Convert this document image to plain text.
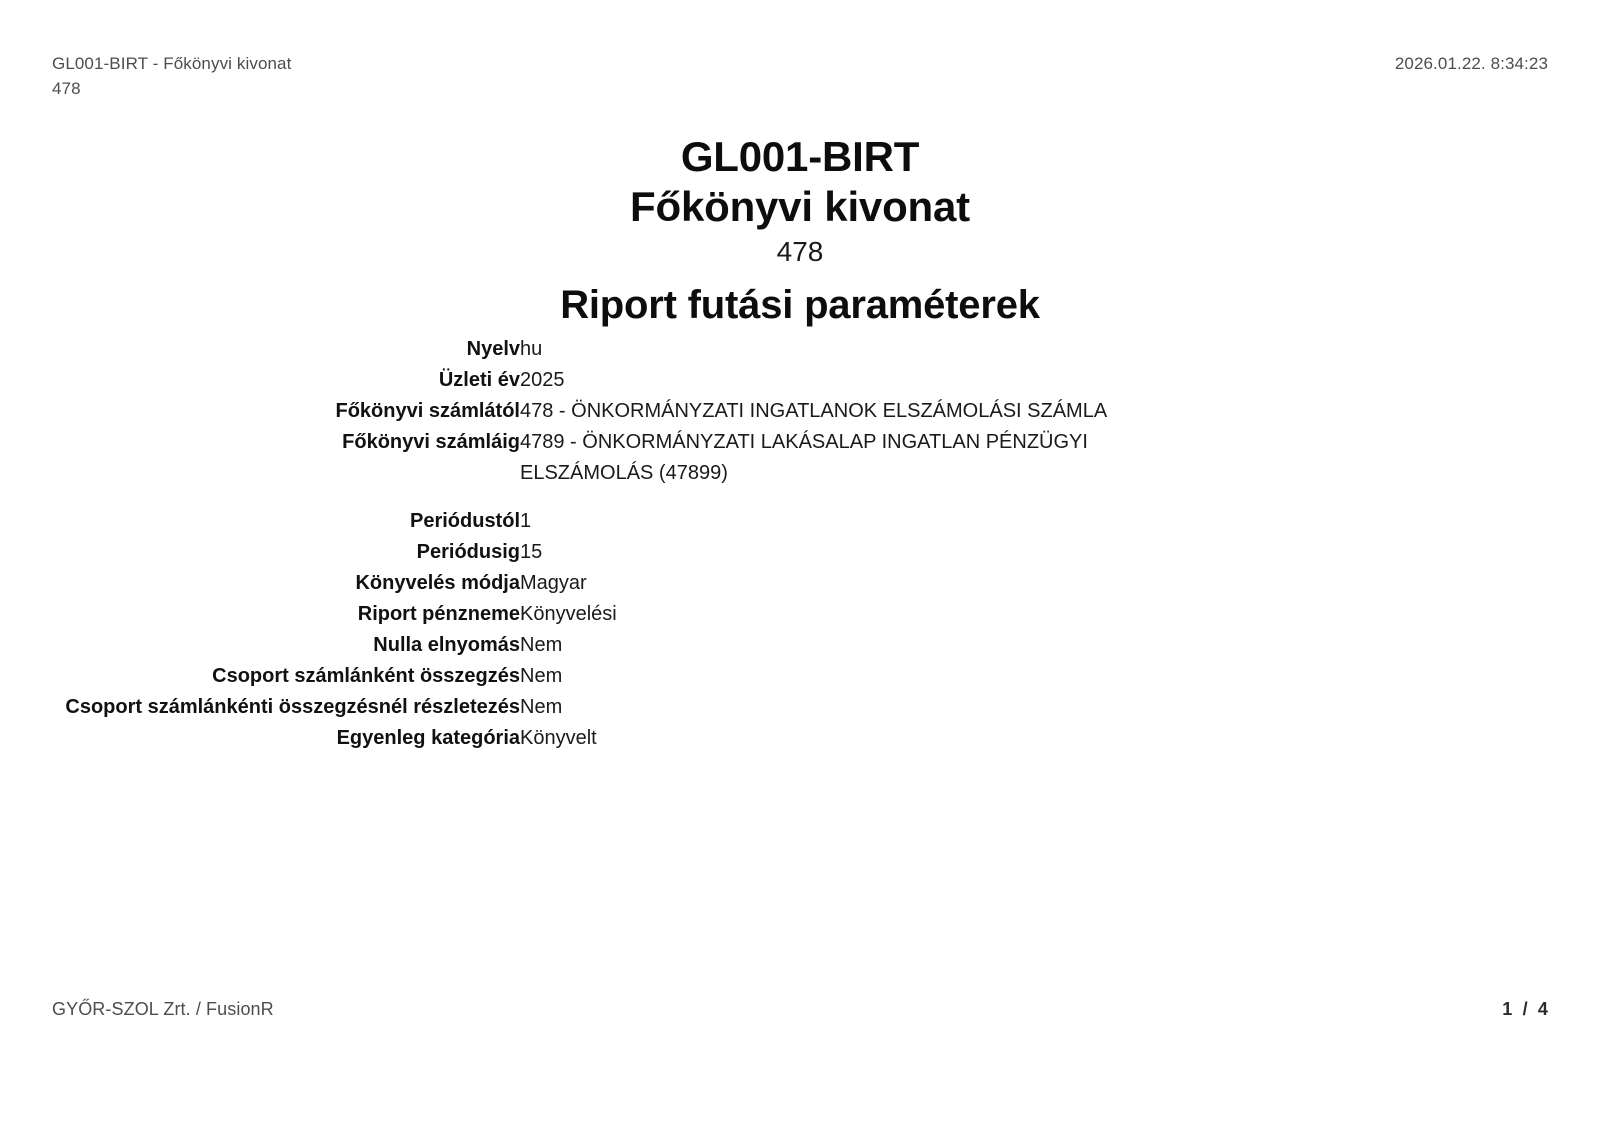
GL001-BIRT - Főkönyvi kivonat
478
2026.01.22. 8:34:23
GL001-BIRT
Főkönyvi kivonat
478
Riport futási paraméterek
Nyelv	hu
Üzleti év	2025
Főkönyvi számlától	478 - ÖNKORMÁNYZATI INGATLANOK ELSZÁMOLÁSI SZÁMLA
Főkönyvi számláig	4789 - ÖNKORMÁNYZATI LAKÁSALAP INGATLAN PÉNZÜGYI ELSZÁMOLÁS (47899)

Periódustól	1
Periódusig	15
Könyvelés módja	Magyar
Riport pénzneme	Könyvelési
Nulla elnyomás	Nem
Csoport számlánként összegzés	Nem
Csoport számlánkénti összegzésnél részletezés	Nem
Egyenleg kategória	Könyvelt
GYŐR-SZOL Zrt. / FusionR	1  /  4
